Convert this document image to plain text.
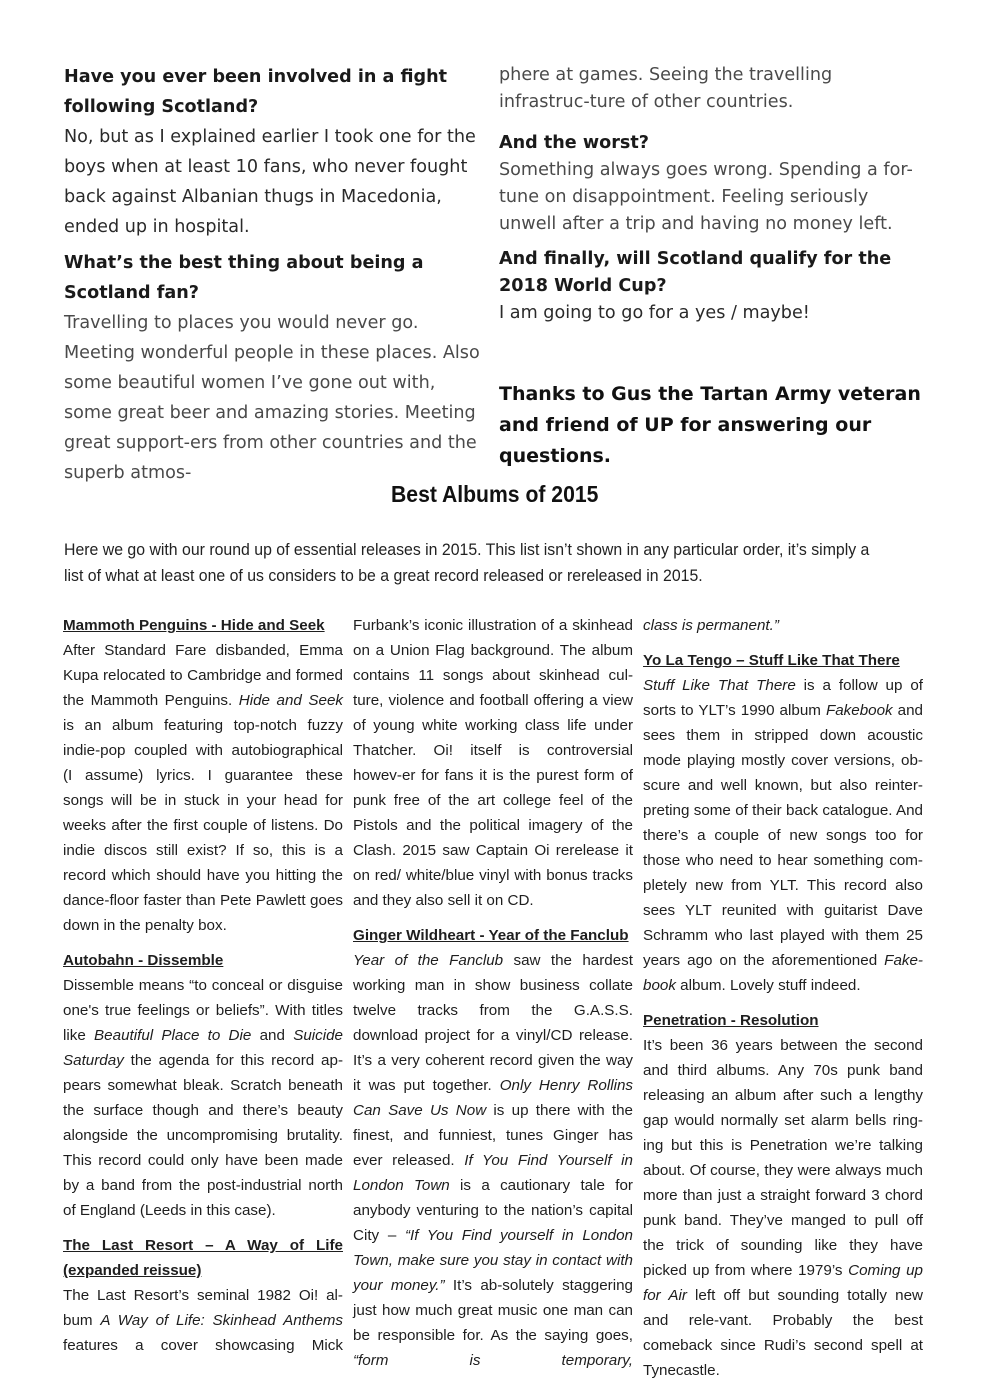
Have you ever been involved in a fight following Scotland?

No, but as I explained earlier I took one for the boys when at least 10 fans, who never fought back against Albanian thugs in Macedonia, ended up in hospital.

What’s the best thing about being a Scotland fan?

Travelling to places you would never go. Meeting wonderful people in these places. Also some beautiful women I’ve gone out with, some great beer and amazing stories. Meeting great support-ers from other countries and the superb atmos-

phere at games. Seeing the travelling infrastruc-ture of other countries.

And the worst?

Something always goes wrong. Spending a for-tune on disappointment. Feeling seriously unwell after a trip and having no money left.

And finally, will Scotland qualify for the 2018 World Cup?

I am going to go for a yes / maybe!

Thanks to Gus the Tartan Army veteran and friend of UP for answering our questions.

Best Albums of 2015
Here we go with our round up of essential releases in 2015. This list isn’t shown in any particular order, it’s simply a
list of what at least one of us considers to be a great record released or rereleased in 2015.
Mammoth Penguins - Hide and Seek

After Standard Fare disbanded, Emma Kupa relocated to Cambridge and formed the Mammoth Penguins. Hide and Seek is an album featuring top-notch fuzzy indie-pop coupled with autobiographical (I assume) lyrics. I guarantee these songs will be in stuck in your head for weeks after the first couple of listens. Do indie discos still exist? If so, this is a record which should have you hitting the dance-floor faster than Pete Pawlett goes down in the penalty box.

Autobahn - Dissemble

Dissemble means “to conceal or disguise one's true feelings or beliefs”. With titles like Beautiful Place to Die and Suicide Saturday the agenda for this record ap-pears somewhat bleak. Scratch beneath the surface though and there’s beauty alongside the uncompromising brutality. This record could only have been made by a band from the post-industrial north of England (Leeds in this case).

The Last Resort – A Way of Life (expanded reissue)

The Last Resort’s seminal 1982 Oi! al-bum A Way of Life: Skinhead Anthems features a cover showcasing Mick

Furbank’s iconic illustration of a skinhead on a Union Flag background. The album contains 11 songs about skinhead cul-ture, violence and football offering a view of young white working class life under Thatcher. Oi! itself is controversial howev-er for fans it is the purest form of punk free of the art college feel of the Pistols and the political imagery of the Clash. 2015 saw Captain Oi rerelease it on red/ white/blue vinyl with bonus tracks and they also sell it on CD.

Ginger Wildheart - Year of the Fanclub

Year of the Fanclub saw the hardest working man in show business collate twelve tracks from the G.A.S.S. download project for a vinyl/CD release. It’s a very coherent record given the way it was put together. Only Henry Rollins Can Save Us Now is up there with the finest, and funniest, tunes Ginger has ever released. If You Find Yourself in London Town is a cautionary tale for anybody venturing to the nation’s capital City – “If You Find yourself in London Town, make sure you stay in contact with your money.” It’s ab-solutely staggering just how much great music one man can be responsible for. As the saying goes, “form is temporary,

class is permanent.”

Yo La Tengo – Stuff Like That There

Stuff Like That There is a follow up of sorts to YLT’s 1990 album Fakebook and sees them in stripped down acoustic mode playing mostly cover versions, ob-scure and well known, but also reinter-preting some of their back catalogue. And there’s a couple of new songs too for those who need to hear something com-pletely new from YLT. This record also sees YLT reunited with guitarist Dave Schramm who last played with them 25 years ago on the aforementioned Fake-book album. Lovely stuff indeed.

Penetration - Resolution

It’s been 36 years between the second and third albums. Any 70s punk band releasing an album after such a lengthy gap would normally set alarm bells ring-ing but this is Penetration we’re talking about. Of course, they were always much more than just a straight forward 3 chord punk band. They’ve manged to pull off the trick of sounding like they have picked up from where 1979’s Coming up for Air left off but sounding totally new and rele-vant. Probably the best comeback since Rudi’s second spell at Tynecastle.
